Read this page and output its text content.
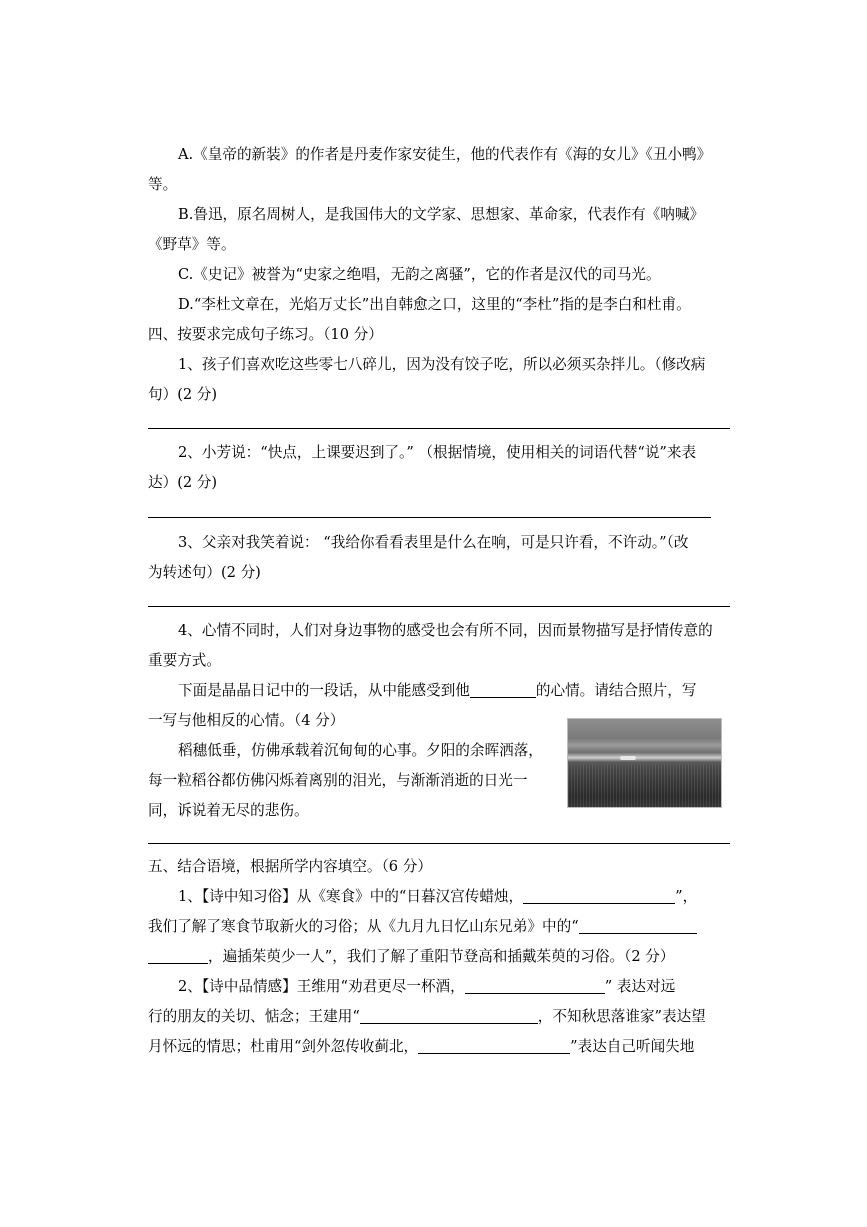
A.《皇帝的新装》的作者是丹麦作家安徒生，他的代表作有《海的女儿》《丑小鸭》
等。
B.鲁迅，原名周树人，是我国伟大的文学家、思想家、革命家，代表作有《呐喊》
《野草》等。
C.《史记》被誉为“史家之绝唱，无韵之离骚”，它的作者是汉代的司马光。
D.“李杜文章在，光焰万丈长”出自韩愈之口，这里的“李杜”指的是李白和杜甫。
四、按要求完成句子练习。（10 分）
1、孩子们喜欢吃这些零七八碎儿，因为没有饺子吃，所以必须买杂拌儿。（修改病
句）(2 分)
2、小芳说：“快点，上课要迟到了。” （根据情境，使用相关的词语代替“说”来表
达）(2 分)
3、父亲对我笑着说： “我给你看看表里是什么在响，可是只许看，不许动。”（改
为转述句）(2 分)
4、心情不同时，人们对身边事物的感受也会有所不同，因而景物描写是抒情传意的
重要方式。
下面是晶晶日记中的一段话，从中能感受到他	的心情。请结合照片，写
一写与他相反的心情。（4 分）
稻穗低垂，仿佛承载着沉甸甸的心事。夕阳的余晖洒落，
每一粒稻谷都仿佛闪烁着离别的泪光，与渐渐消逝的日光一
同，诉说着无尽的悲伤。
五、结合语境，根据所学内容填空。（6 分）
1、【诗中知习俗】从《寒食》中的“日暮汉宫传蜡烛，	”，
我们了解了寒食节取新火的习俗；从《九月九日忆山东兄弟》中的“
，遍插茱萸少一人”，我们了解了重阳节登高和插戴茱萸的习俗。（2 分）
2、【诗中品情感】王维用“劝君更尽一杯酒，	” 表达对远
行的朋友的关切、惦念；王建用“	，不知秋思落谁家”表达望
月怀远的情思；杜甫用“剑外忽传收蓟北，	”表达自己听闻失地
